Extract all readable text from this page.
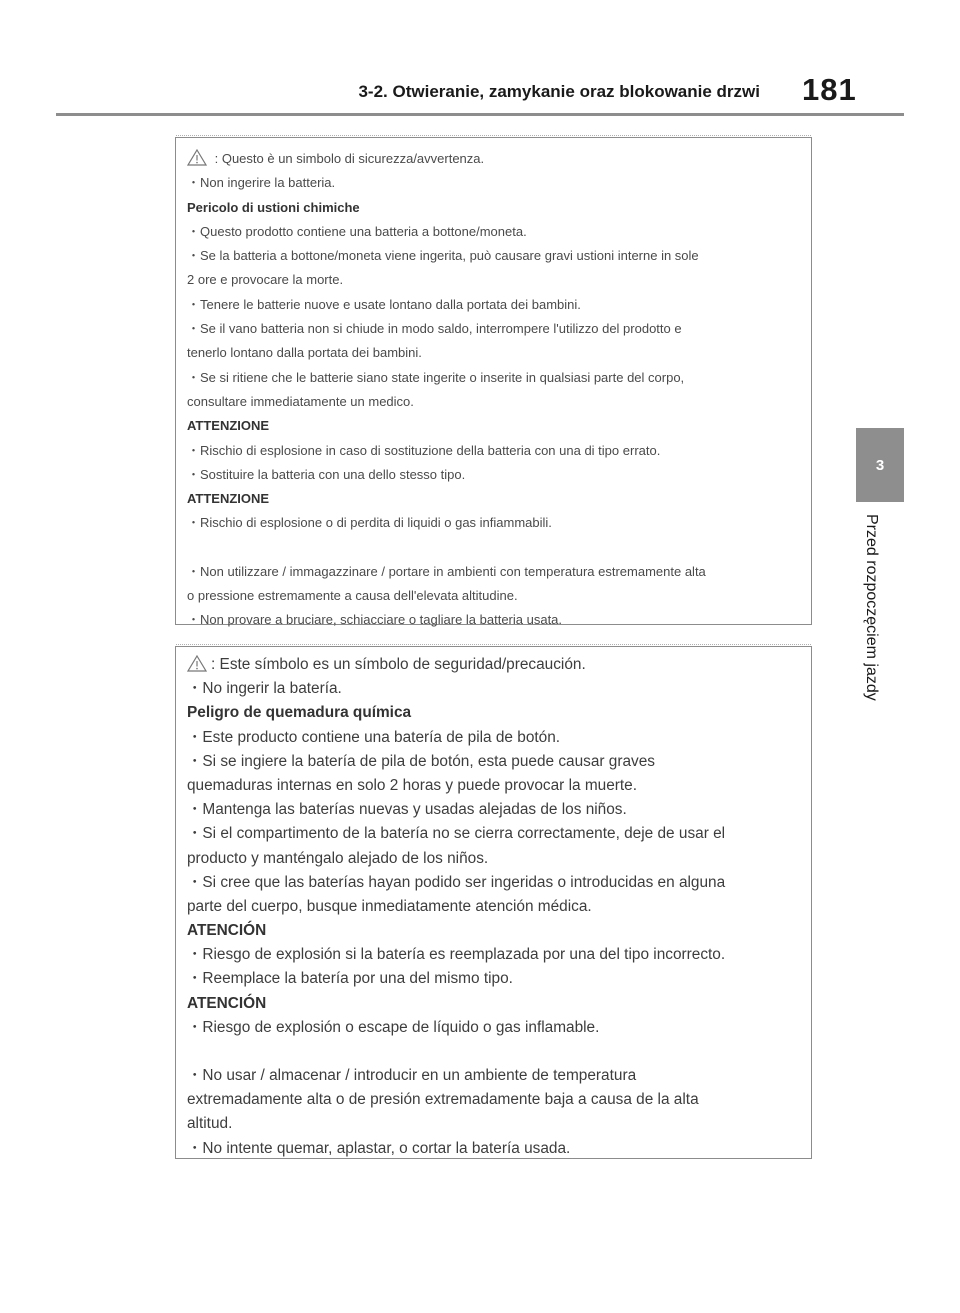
3-2. Otwieranie, zamykanie oraz blokowanie drzwi 181
3
Przed rozpoczęciem jazdy
: Questo è un simbolo di sicurezza/avvertenza.
・Non ingerire la batteria.
Pericolo di ustioni chimiche
・Questo prodotto contiene una batteria a bottone/moneta.
・Se la batteria a bottone/moneta viene ingerita, può causare gravi ustioni interne in sole
2 ore e provocare la morte.
・Tenere le batterie nuove e usate lontano dalla portata dei bambini.
・Se il vano batteria non si chiude in modo saldo, interrompere l'utilizzo del prodotto e
tenerlo lontano dalla portata dei bambini.
・Se si ritiene che le batterie siano state ingerite o inserite in qualsiasi parte del corpo,
consultare immediatamente un medico.
ATTENZIONE
・Rischio di esplosione in caso di sostituzione della batteria con una di tipo errato.
・Sostituire la batteria con una dello stesso tipo.
ATTENZIONE
・Rischio di esplosione o di perdita di liquidi o gas infiammabili.
・Non utilizzare / immagazzinare / portare in ambienti con temperatura estremamente alta
o pressione estremamente a causa dell'elevata altitudine.
・Non provare a bruciare, schiacciare o tagliare la batteria usata.
: Este símbolo es un símbolo de seguridad/precaución.
・No ingerir la batería.
Peligro de quemadura química
・Este producto contiene una batería de pila de botón.
・Si se ingiere la batería de pila de botón, esta puede causar graves
quemaduras internas en solo 2 horas y puede provocar la muerte.
・Mantenga las baterías nuevas y usadas alejadas de los niños.
・Si el compartimento de la batería no se cierra correctamente, deje de usar el
producto y manténgalo alejado de los niños.
・Si cree que las baterías hayan podido ser ingeridas o introducidas en alguna
parte del cuerpo, busque inmediatamente atención médica.
ATENCIÓN
・Riesgo de explosión si la batería es reemplazada por una del tipo incorrecto.
・Reemplace la batería por una del mismo tipo.
ATENCIÓN
・Riesgo de explosión o escape de líquido o gas inflamable.
・No usar / almacenar / introducir en un ambiente de temperatura
extremadamente alta o de presión extremadamente baja a causa de la alta
altitud.
・No intente quemar, aplastar, o cortar la batería usada.
